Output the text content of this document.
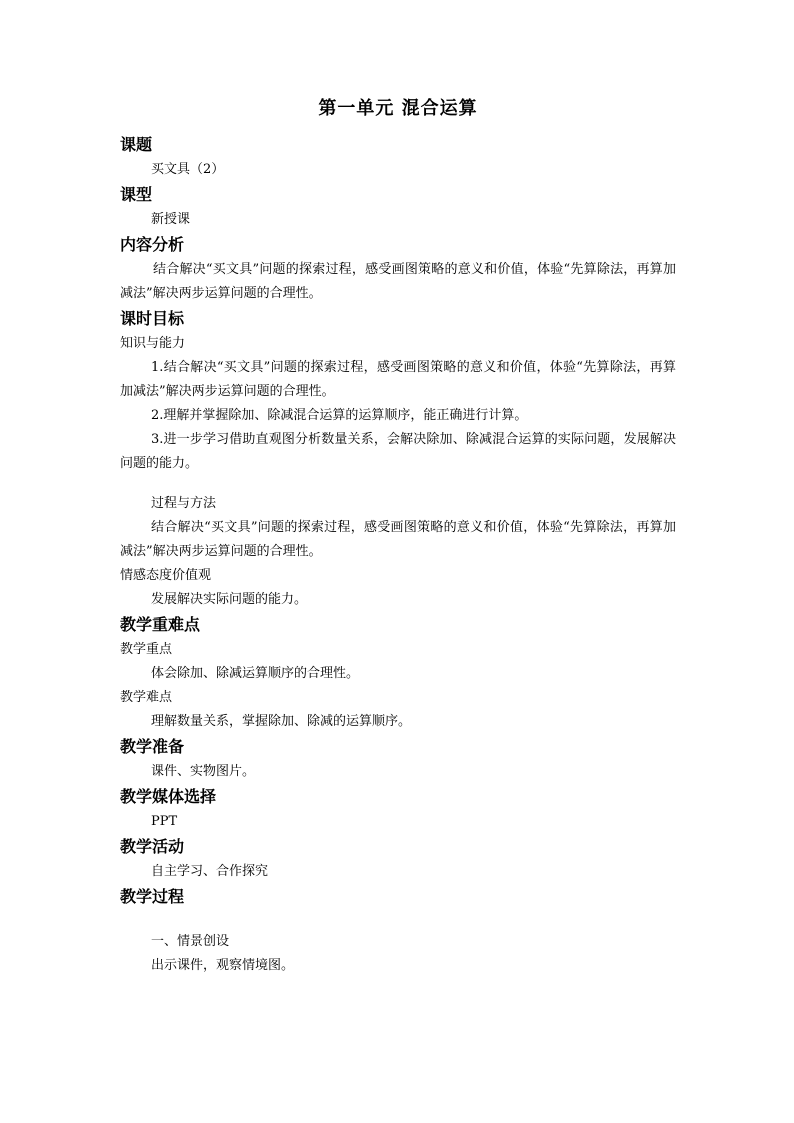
第一单元 混合运算
课题
买文具（2）
课型
新授课
内容分析
结合解决“买文具”问题的探索过程，感受画图策略的意义和价值，体验“先算除法，再算加减法”解决两步运算问题的合理性。
课时目标
知识与能力
1.结合解决“买文具”问题的探索过程，感受画图策略的意义和价值，体验“先算除法，再算加减法”解决两步运算问题的合理性。
2.理解并掌握除加、除减混合运算的运算顺序，能正确进行计算。
3.进一步学习借助直观图分析数量关系，会解决除加、除减混合运算的实际问题，发展解决问题的能力。
过程与方法
结合解决“买文具”问题的探索过程，感受画图策略的意义和价值，体验“先算除法，再算加减法”解决两步运算问题的合理性。
情感态度价值观
发展解决实际问题的能力。
教学重难点
教学重点
体会除加、除减运算顺序的合理性。
教学难点
理解数量关系，掌握除加、除减的运算顺序。
教学准备
课件、实物图片。
教学媒体选择
PPT
教学活动
自主学习、合作探究
教学过程
一、情景创设
出示课件，观察情境图。
